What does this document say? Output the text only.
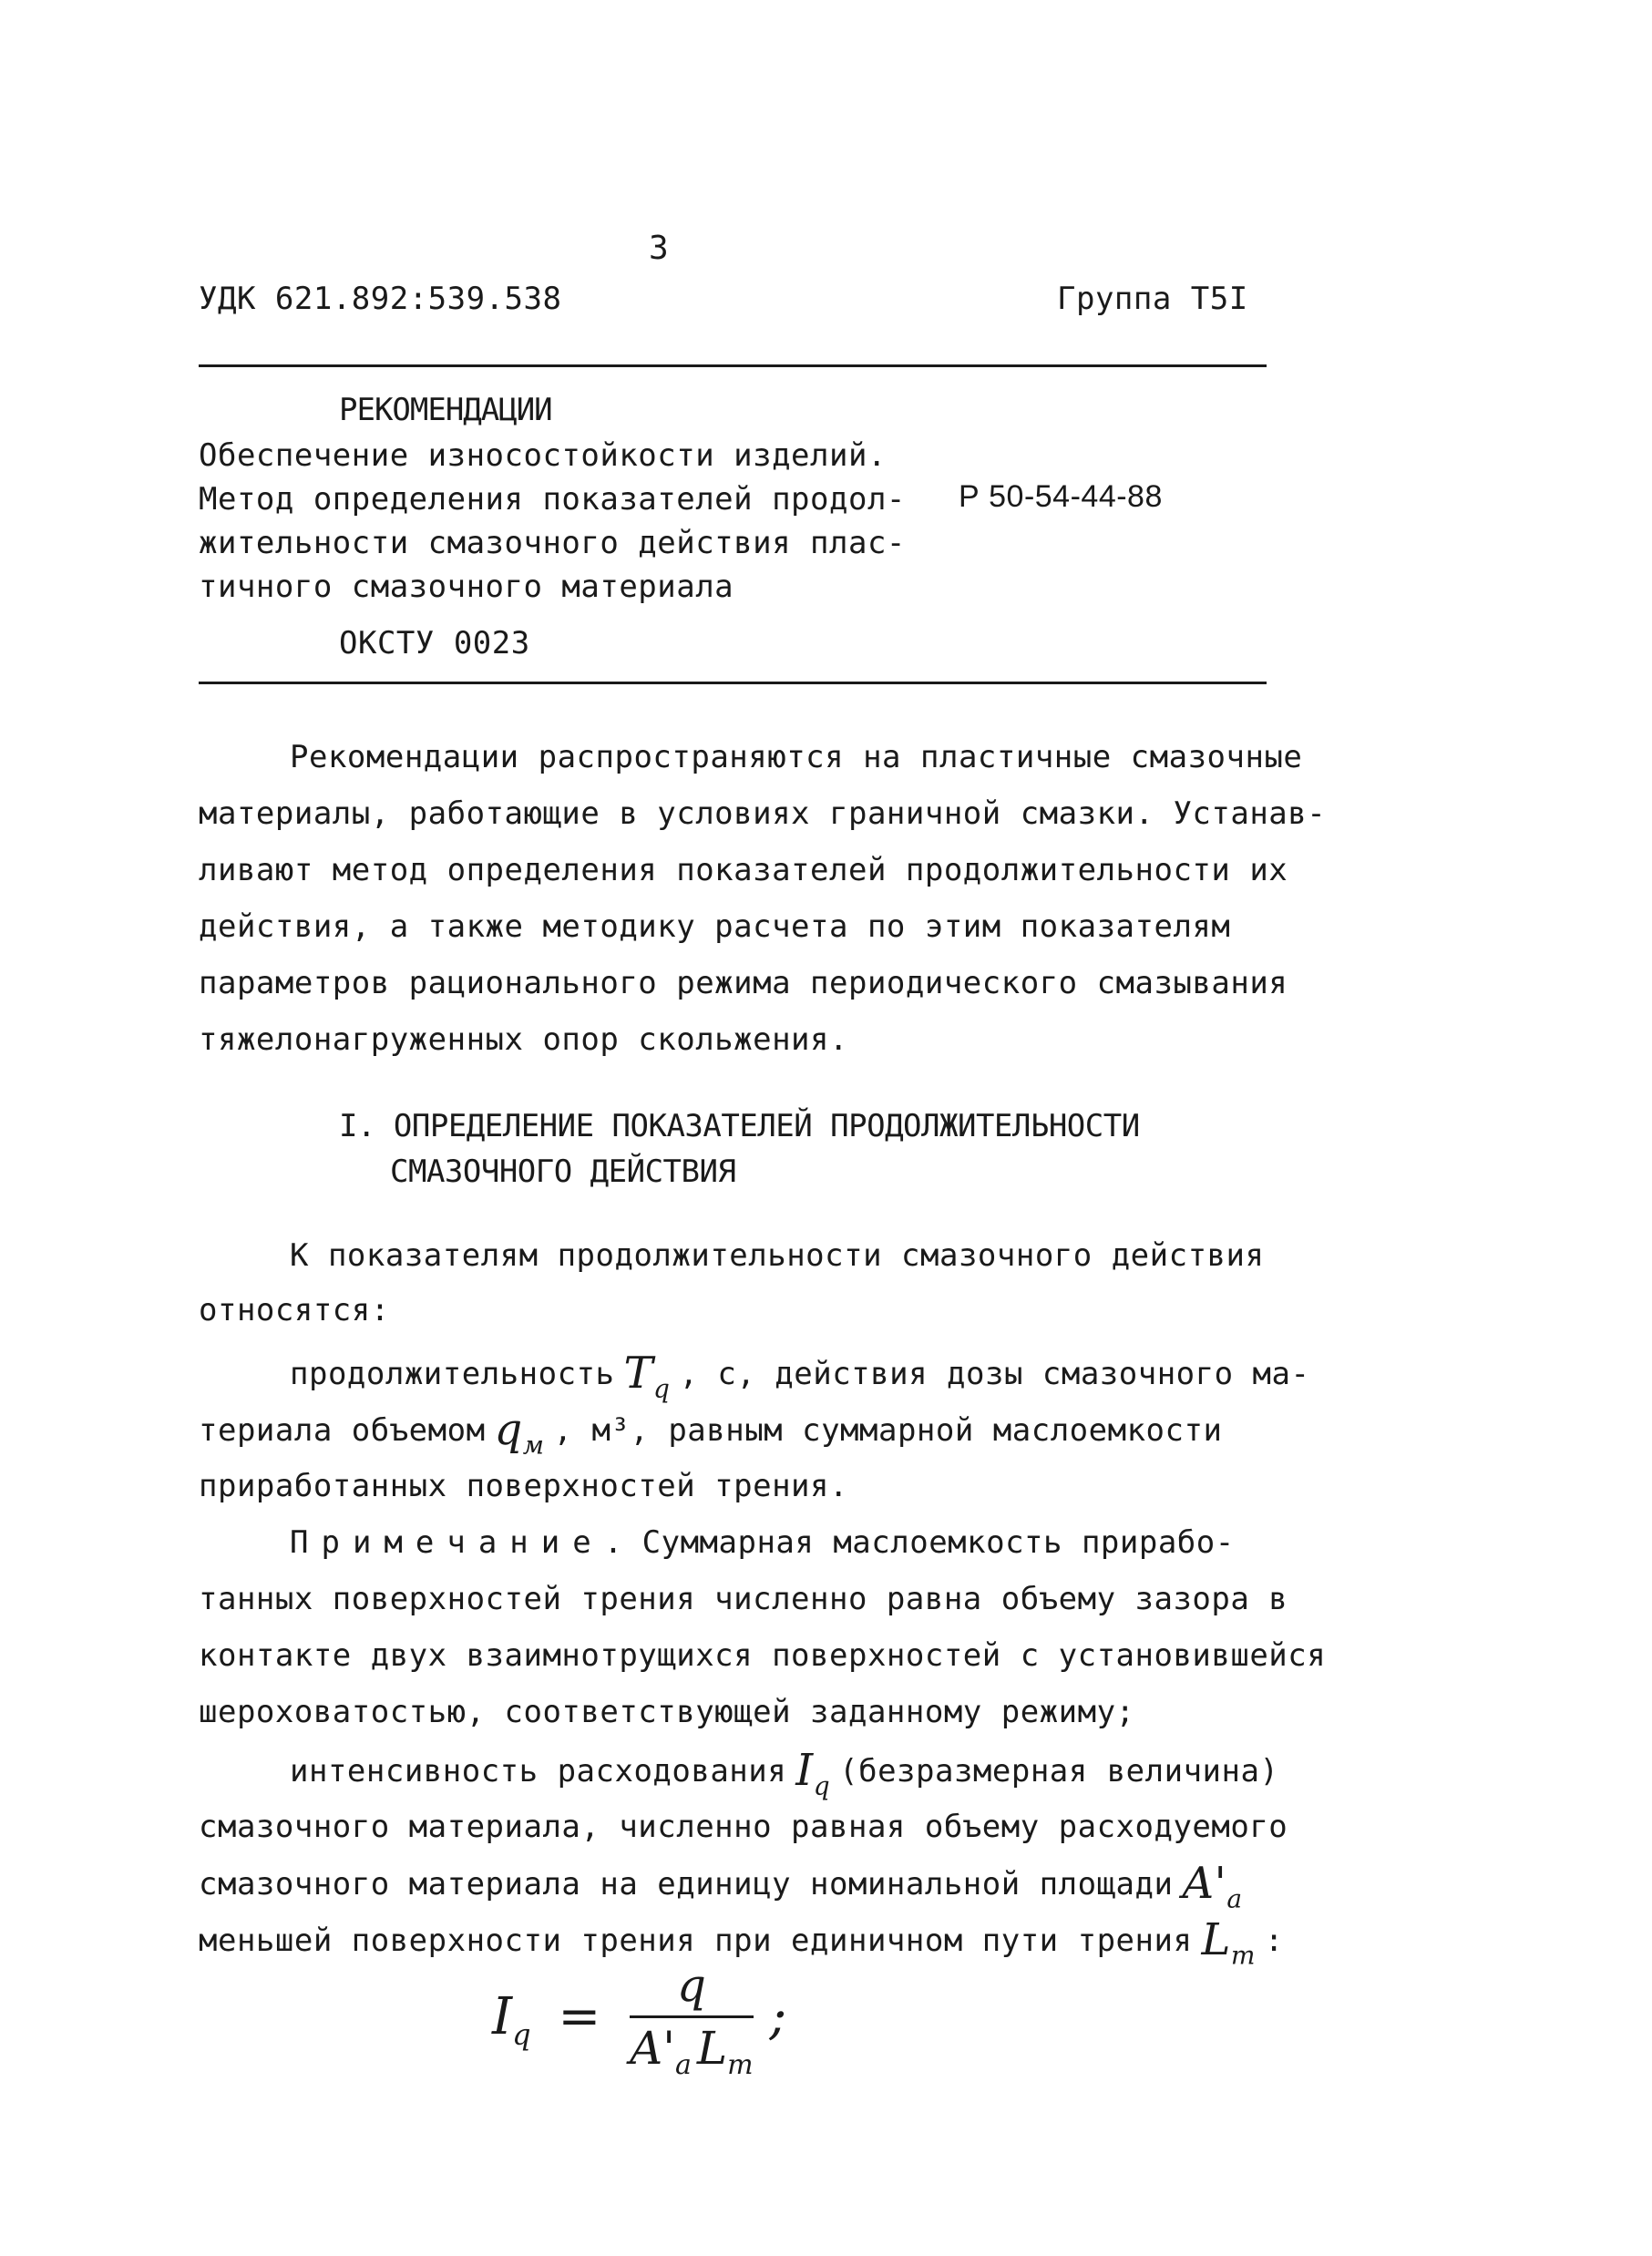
3
УДК 621.892:539.538	Группа Т5I
РЕКОМЕНДАЦИИ
Обеспечение износостойкости изделий.
Метод определения показателей продол-
жительности смазочного действия плас-
тичного смазочного материала
Р 50-54-44-88
ОКСТУ 0023
Рекомендации распространяются на пластичные смазочные
материалы, работающие в условиях граничной смазки. Устанав-
ливают метод определения показателей продолжительности их
действия, а также методику расчета по этим показателям
параметров рационального режима периодического смазывания
тяжелонагруженных опор скольжения.
I. ОПРЕДЕЛЕНИЕ ПОКАЗАТЕЛЕЙ ПРОДОЛЖИТЕЛЬНОСТИ
СМАЗОЧНОГО ДЕЙСТВИЯ
К показателям продолжительности смазочного действия
относятся:
продолжительность $T_q$ , с, действия дозы смазочного ма-
териала объемом $q_м$ , м³, равным суммарной маслоемкости
приработанных поверхностей трения.
Примечание. Суммарная маслоемкость прирабо-
танных поверхностей трения численно равна объему зазора в
контакте двух взаимнотрущихся поверхностей с установившейся
шероховатостью, соответствующей заданному режиму;
интенсивность расходования $I_q$ (безразмерная величина)
смазочного материала, численно равная объему расходуемого
смазочного материала на единицу номинальной площади $A'_a$
меньшей поверхности трения при единичном пути трения $L_т$ :
$I_q = \frac{q}{A'_a L_т}$ ;
